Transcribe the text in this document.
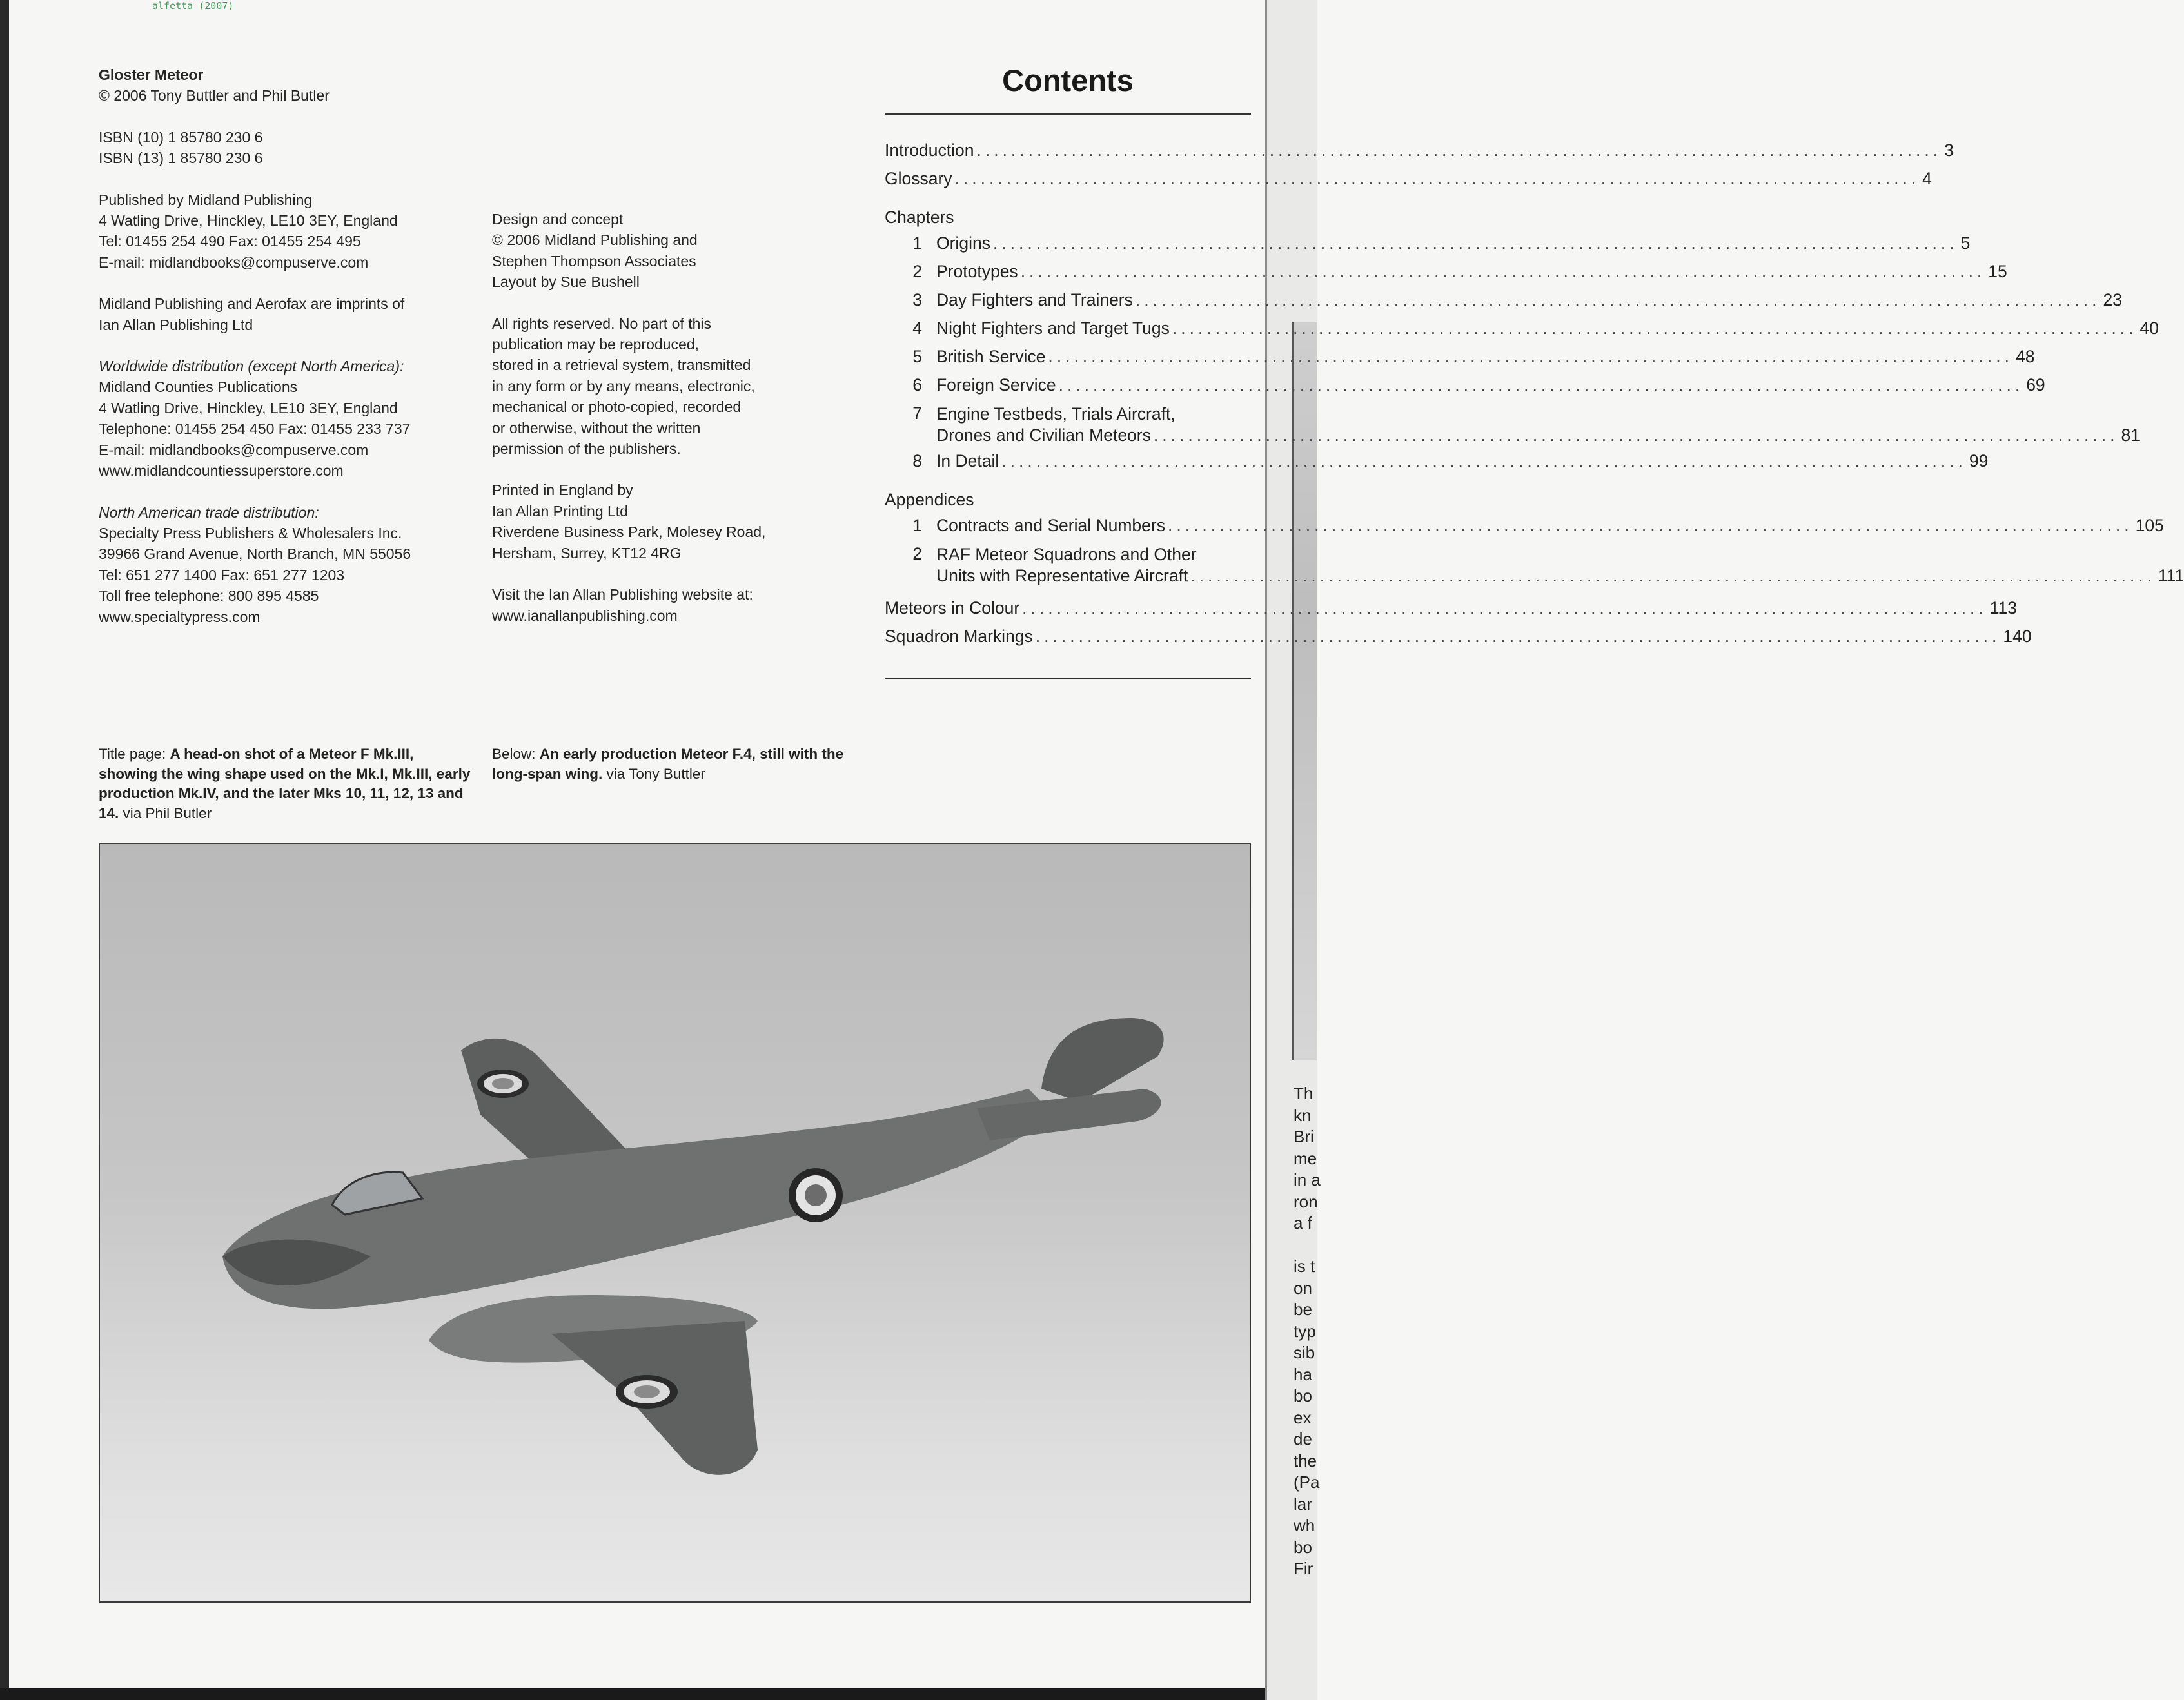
Th
kn
Bri
me
in
ron
a f

is t
on
be
typ
sib
ha
bo
ex
de
the
(Pa
lar
wh
bo
Fir
alfetta (2007)

Gloster Meteor

© 2006 Tony Buttler and Phil Butler

ISBN (10) 1 85780 230 6

ISBN (13) 1 85780 230 6

Published by Midland Publishing

4 Watling Drive, Hinckley, LE10 3EY, England

Tel: 01455 254 490 Fax: 01455 254 495

E-mail: midlandbooks@compuserve.com

Midland Publishing and Aerofax are imprints of

Ian Allan Publishing Ltd

Worldwide distribution (except North America):

Midland Counties Publications

4 Watling Drive, Hinckley, LE10 3EY, England

Telephone: 01455 254 450 Fax: 01455 233 737

E-mail: midlandbooks@compuserve.com

www.midlandcountiessuperstore.com

North American trade distribution:

Specialty Press Publishers & Wholesalers Inc.

39966 Grand Avenue, North Branch, MN 55056

Tel: 651 277 1400 Fax: 651 277 1203

Toll free telephone: 800 895 4585

www.specialtypress.com

Design and concept

© 2006 Midland Publishing and

Stephen Thompson Associates

Layout by Sue Bushell

All rights reserved. No part of this

publication may be reproduced,

stored in a retrieval system, transmitted

in any form or by any means, electronic,

mechanical or photo-copied, recorded

or otherwise, without the written

permission of the publishers.

Printed in England by

Ian Allan Printing Ltd

Riverdene Business Park, Molesey Road,

Hersham, Surrey, KT12 4RG

Visit the Ian Allan Publishing website at:

www.ianallanpublishing.com

Contents
Introduction .....	3
Glossary .....	4
Chapters
1 Origins .....	5
2 Prototypes .....	15
3 Day Fighters and Trainers .....	23
4 Night Fighters and Target Tugs .....	40
5 British Service .....	48
6 Foreign Service .....	69
7 Engine Testbeds, Trials Aircraft,
Drones and Civilian Meteors .....	81
8 In Detail .....	99
Appendices
1 Contracts and Serial Numbers .....	105
2 RAF Meteor Squadrons and Other
Units with Representative Aircraft .....	111
Meteors in Colour .....	113
Squadron Markings .....	140
Title page: A head-on shot of a Meteor F Mk.III, showing the wing shape used on the Mk.I, Mk.III, early production Mk.IV, and the later Mks 10, 11, 12, 13 and 14. via Phil Butler
Below: An early production Meteor F.4, still with the long-span wing. via Tony Buttler
